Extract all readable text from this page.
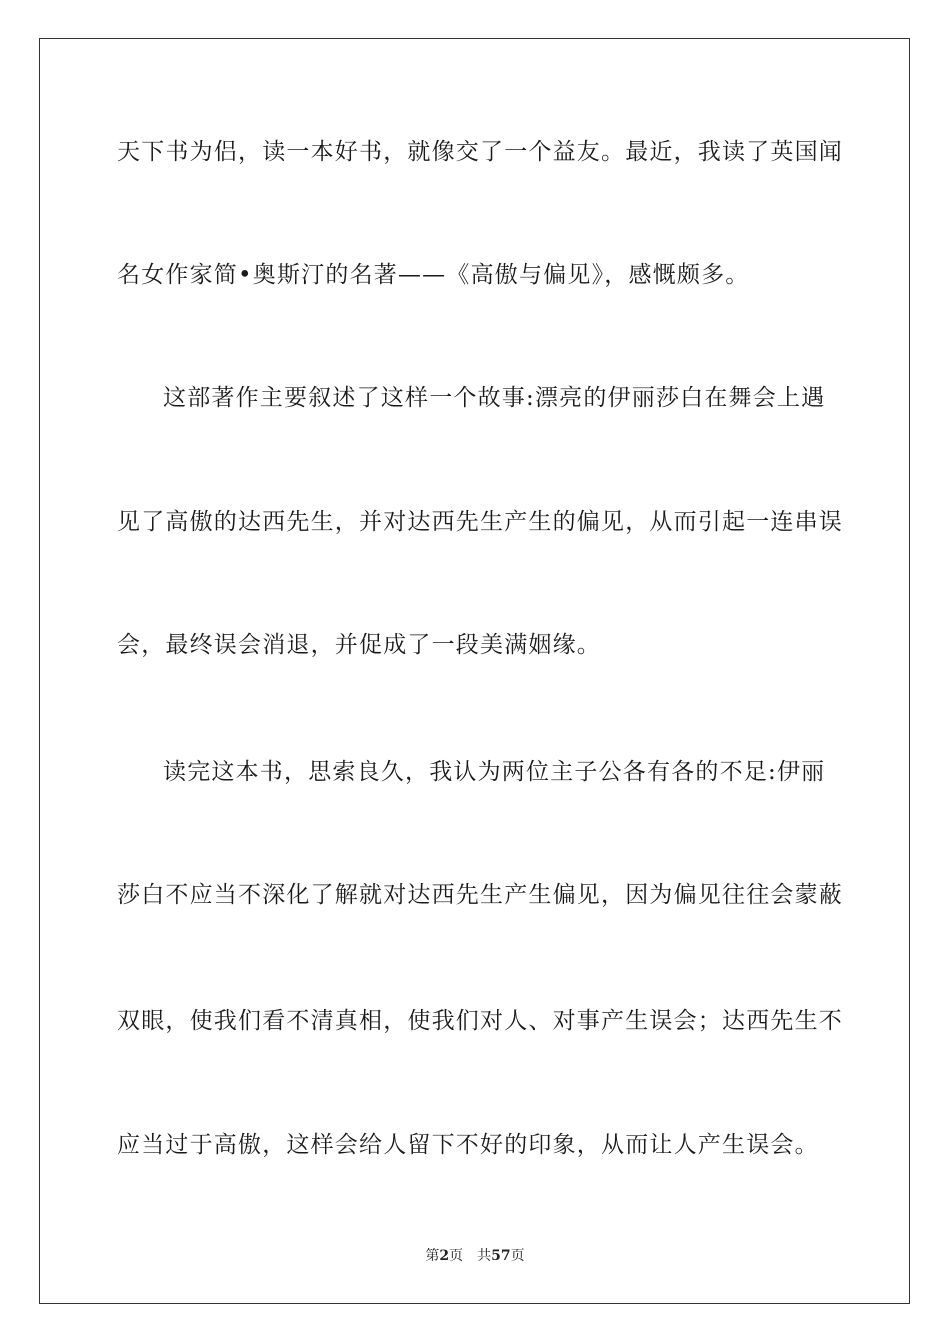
天下书为侣，读一本好书，就像交了一个益友。最近，我读了英国闻
名女作家简•奥斯汀的名著——《高傲与偏见》，感慨颇多。
这部著作主要叙述了这样一个故事:漂亮的伊丽莎白在舞会上遇
见了高傲的达西先生，并对达西先生产生的偏见，从而引起一连串误
会，最终误会消退，并促成了一段美满姻缘。
读完这本书，思索良久，我认为两位主子公各有各的不足:伊丽
莎白不应当不深化了解就对达西先生产生偏见，因为偏见往往会蒙蔽
双眼，使我们看不清真相，使我们对人、对事产生误会；达西先生不
应当过于高傲，这样会给人留下不好的印象，从而让人产生误会。
第2页 共57页
